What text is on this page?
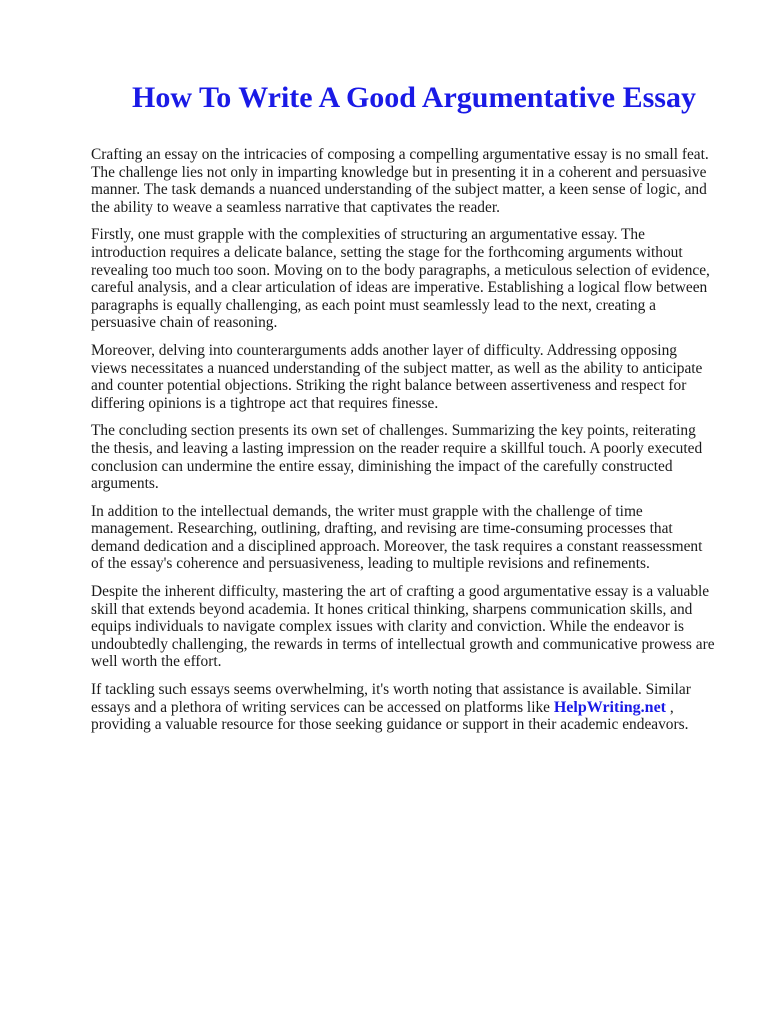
How To Write A Good Argumentative Essay

Crafting an essay on the intricacies of composing a compelling argumentative essay is no small feat.
The challenge lies not only in imparting knowledge but in presenting it in a coherent and persuasive
manner. The task demands a nuanced understanding of the subject matter, a keen sense of logic, and
the ability to weave a seamless narrative that captivates the reader.

Firstly, one must grapple with the complexities of structuring an argumentative essay. The
introduction requires a delicate balance, setting the stage for the forthcoming arguments without
revealing too much too soon. Moving on to the body paragraphs, a meticulous selection of evidence,
careful analysis, and a clear articulation of ideas are imperative. Establishing a logical flow between
paragraphs is equally challenging, as each point must seamlessly lead to the next, creating a
persuasive chain of reasoning.

Moreover, delving into counterarguments adds another layer of difficulty. Addressing opposing
views necessitates a nuanced understanding of the subject matter, as well as the ability to anticipate
and counter potential objections. Striking the right balance between assertiveness and respect for
differing opinions is a tightrope act that requires finesse.

The concluding section presents its own set of challenges. Summarizing the key points, reiterating
the thesis, and leaving a lasting impression on the reader require a skillful touch. A poorly executed
conclusion can undermine the entire essay, diminishing the impact of the carefully constructed
arguments.

In addition to the intellectual demands, the writer must grapple with the challenge of time
management. Researching, outlining, drafting, and revising are time-consuming processes that
demand dedication and a disciplined approach. Moreover, the task requires a constant reassessment
of the essay's coherence and persuasiveness, leading to multiple revisions and refinements.

Despite the inherent difficulty, mastering the art of crafting a good argumentative essay is a valuable
skill that extends beyond academia. It hones critical thinking, sharpens communication skills, and
equips individuals to navigate complex issues with clarity and conviction. While the endeavor is
undoubtedly challenging, the rewards in terms of intellectual growth and communicative prowess are
well worth the effort.

If tackling such essays seems overwhelming, it's worth noting that assistance is available. Similar
essays and a plethora of writing services can be accessed on platforms like HelpWriting.net ,
providing a valuable resource for those seeking guidance or support in their academic endeavors.
